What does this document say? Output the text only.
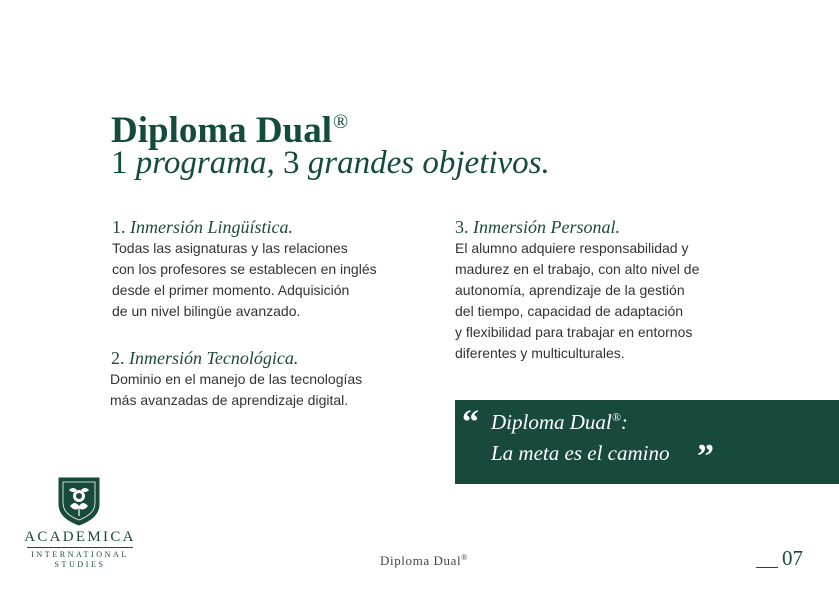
Diploma Dual®
1 programa, 3 grandes objetivos.
1. Inmersión Lingüística.
Todas las asignaturas y las relaciones
con los profesores se establecen en inglés
desde el primer momento. Adquisición
de un nivel bilingüe avanzado.
2. Inmersión Tecnológica.
Dominio en el manejo de las tecnologías
más avanzadas de aprendizaje digital.
3. Inmersión Personal.
El alumno adquiere responsabilidad y
madurez en el trabajo, con alto nivel de
autonomía, aprendizaje de la gestión
del tiempo, capacidad de adaptación
y flexibilidad para trabajar en entornos
diferentes y multiculturales.
“ Diploma Dual®:
La meta es el camino ”
ACADEMICA
INTERNATIONAL
STUDIES	Diploma Dual®	07
